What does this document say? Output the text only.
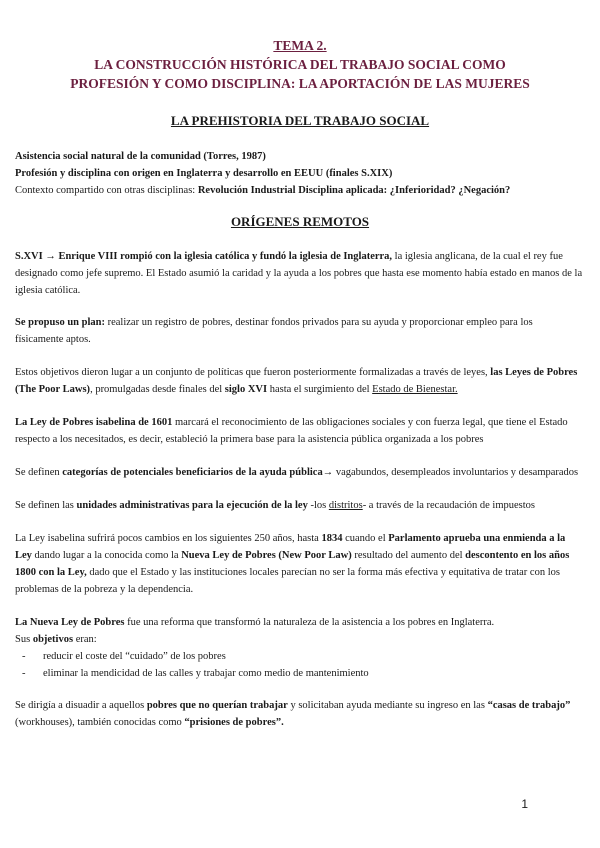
TEMA 2.
LA CONSTRUCCIÓN HISTÓRICA DEL TRABAJO SOCIAL COMO
PROFESIÓN Y COMO DISCIPLINA: LA APORTACIÓN DE LAS MUJERES
LA PREHISTORIA DEL TRABAJO SOCIAL
Asistencia social natural de la comunidad (Torres, 1987)
Profesión y disciplina con origen en Inglaterra y desarrollo en EEUU (finales S.XIX)
Contexto compartido con otras disciplinas: Revolución Industrial Disciplina aplicada: ¿Inferioridad? ¿Negación?
ORÍGENES REMOTOS
S.XVI → Enrique VIII rompió con la iglesia católica y fundó la iglesia de Inglaterra, la iglesia anglicana, de la cual el rey fue designado como jefe supremo. El Estado asumió la caridad y la ayuda a los pobres que hasta ese momento había estado en manos de la iglesia católica.
Se propuso un plan: realizar un registro de pobres, destinar fondos privados para su ayuda y proporcionar empleo para los físicamente aptos.
Estos objetivos dieron lugar a un conjunto de políticas que fueron posteriormente formalizadas a través de leyes, las Leyes de Pobres (The Poor Laws), promulgadas desde finales del siglo XVI hasta el surgimiento del Estado de Bienestar.
La Ley de Pobres isabelina de 1601 marcará el reconocimiento de las obligaciones sociales y con fuerza legal, que tiene el Estado respecto a los necesitados, es decir, estableció la primera base para la asistencia pública organizada a los pobres
Se definen categorías de potenciales beneficiarios de la ayuda pública→ vagabundos, desempleados involuntarios y desamparados
Se definen las unidades administrativas para la ejecución de la ley -los distritos- a través de la recaudación de impuestos
La Ley isabelina sufrirá pocos cambios en los siguientes 250 años, hasta 1834 cuando el Parlamento aprueba una enmienda a la Ley dando lugar a la conocida como la Nueva Ley de Pobres (New Poor Law) resultado del aumento del descontento en los años 1800 con la Ley, dado que el Estado y las instituciones locales parecían no ser la forma más efectiva y equitativa de tratar con los problemas de la pobreza y la dependencia.
La Nueva Ley de Pobres fue una reforma que transformó la naturaleza de la asistencia a los pobres en Inglaterra.
Sus objetivos eran:
-	reducir el coste del “cuidado” de los pobres
-	eliminar la mendicidad de las calles y trabajar como medio de mantenimiento
Se dirigía a disuadir a aquellos pobres que no querían trabajar y solicitaban ayuda mediante su ingreso en las “casas de trabajo” (workhouses), también conocidas como “prisiones de pobres”.
1
